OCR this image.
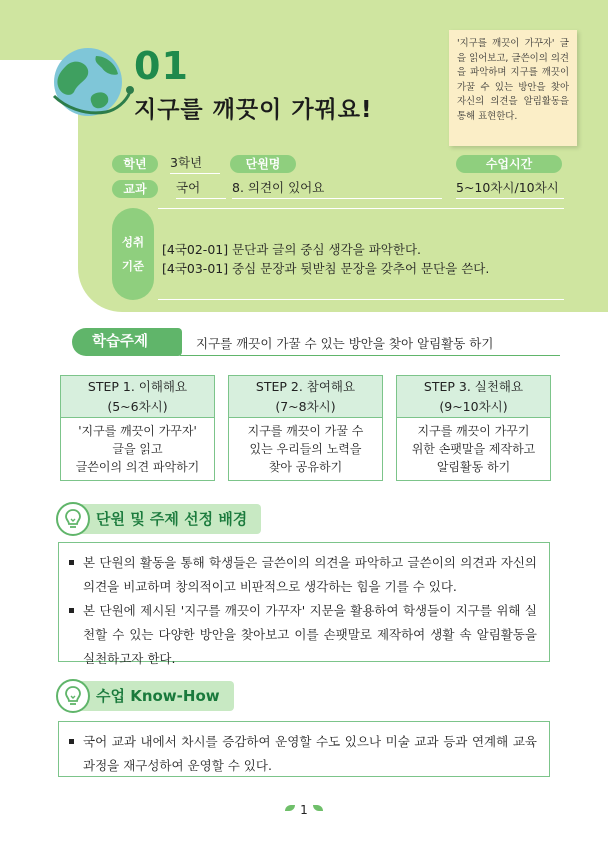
01
지구를 깨끗이 가꿔요!
'지구를 깨끗이 가꾸자' 글을 읽어보고, 글쓴이의 의견을 파악하며 지구를 깨끗이 가꿀 수 있는 방안을 찾아 자신의 의견을 알림활동을 통해 표현한다.
학년	3학년	단원명	수업시간
교과	국어	8. 의견이 있어요	5~10차시/10차시
성취
기준
[4국02-01] 문단과 글의 중심 생각을 파악한다.
[4국03-01] 중심 문장과 뒷받침 문장을 갖추어 문단을 쓴다.
학습주제	지구를 깨끗이 가꿀 수 있는 방안을 찾아 알림활동 하기
STEP 1. 이해해요
(5~6차시)
'지구를 깨끗이 가꾸자'
글을 읽고
글쓴이의 의견 파악하기
STEP 2. 참여해요
(7~8차시)
지구를 깨끗이 가꿀 수
있는 우리들의 노력을
찾아 공유하기
STEP 3. 실천해요
(9~10차시)
지구를 깨끗이 가꾸기
위한 손팻말을 제작하고
알림활동 하기
단원 및 주제 선정 배경
본 단원의 활동을 통해 학생들은 글쓴이의 의견을 파악하고 글쓴이의 의견과 자신의 의견을 비교하며 창의적이고 비판적으로 생각하는 힘을 기를 수 있다.
본 단원에 제시된 '지구를 깨끗이 가꾸자' 지문을 활용하여 학생들이 지구를 위해 실천할 수 있는 다양한 방안을 찾아보고 이를 손팻말로 제작하여 생활 속 알림활동을 실천하고자 한다.
수업 Know-How
국어 교과 내에서 차시를 증감하여 운영할 수도 있으나 미술 교과 등과 연계해 교육과정을 재구성하여 운영할 수 있다.
1
